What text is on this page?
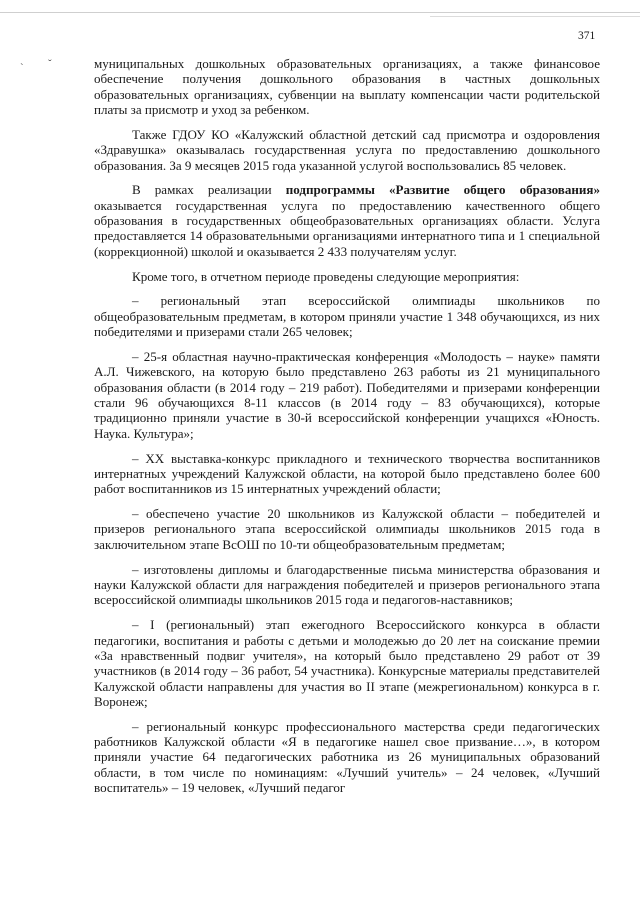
371
ˋ ˇ	муниципальных дошкольных образовательных организациях, а также финансовое обеспечение получения дошкольного образования в частных дошкольных образовательных организациях, субвенции на выплату компенсации части родительской платы за присмотр и уход за ребенком.

Также ГДОУ КО «Калужский областной детский сад присмотра и оздоровления «Здравушка» оказывалась государственная услуга по предоставлению дошкольного образования. За 9 месяцев 2015 года указанной услугой воспользовались 85 человек.

В рамках реализации подпрограммы «Развитие общего образования» оказывается государственная услуга по предоставлению качественного общего образования в государственных общеобразовательных организациях области. Услуга предоставляется 14 образовательными организациями интернатного типа и 1 специальной (коррекционной) школой и оказывается 2 433 получателям услуг.

Кроме того, в отчетном периоде проведены следующие мероприятия:

– региональный этап всероссийской олимпиады школьников по общеобразовательным предметам, в котором приняли участие 1 348 обучающихся, из них победителями и призерами стали 265 человек;

– 25-я областная научно-практическая конференция «Молодость – науке» памяти А.Л. Чижевского, на которую было представлено 263 работы из 21 муниципального образования области (в 2014 году – 219 работ). Победителями и призерами конференции стали 96 обучающихся 8-11 классов (в 2014 году – 83 обучающихся), которые традиционно приняли участие в 30-й всероссийской конференции учащихся «Юность. Наука. Культура»;

– XX выставка-конкурс прикладного и технического творчества воспитанников интернатных учреждений Калужской области, на которой было представлено более 600 работ воспитанников из 15 интернатных учреждений области;

– обеспечено участие 20 школьников из Калужской области – победителей и призеров регионального этапа всероссийской олимпиады школьников 2015 года в заключительном этапе ВсОШ по 10-ти общеобразовательным предметам;

– изготовлены дипломы и благодарственные письма министерства образования и науки Калужской области для награждения победителей и призеров регионального этапа всероссийской олимпиады школьников 2015 года и педагогов-наставников;

– I (региональный) этап ежегодного Всероссийского конкурса в области педагогики, воспитания и работы с детьми и молодежью до 20 лет на соискание премии «За нравственный подвиг учителя», на который было представлено 29 работ от 39 участников (в 2014 году – 36 работ, 54 участника). Конкурсные материалы представителей Калужской области направлены для участия во II этапе (межрегиональном) конкурса в г. Воронеж;

– региональный конкурс профессионального мастерства среди педагогических работников Калужской области «Я в педагогике нашел свое призвание…», в котором приняли участие 64 педагогических работника из 26 муниципальных образований области, в том числе по номинациям: «Лучший учитель» – 24 человек, «Лучший воспитатель» – 19 человек, «Лучший педагог
